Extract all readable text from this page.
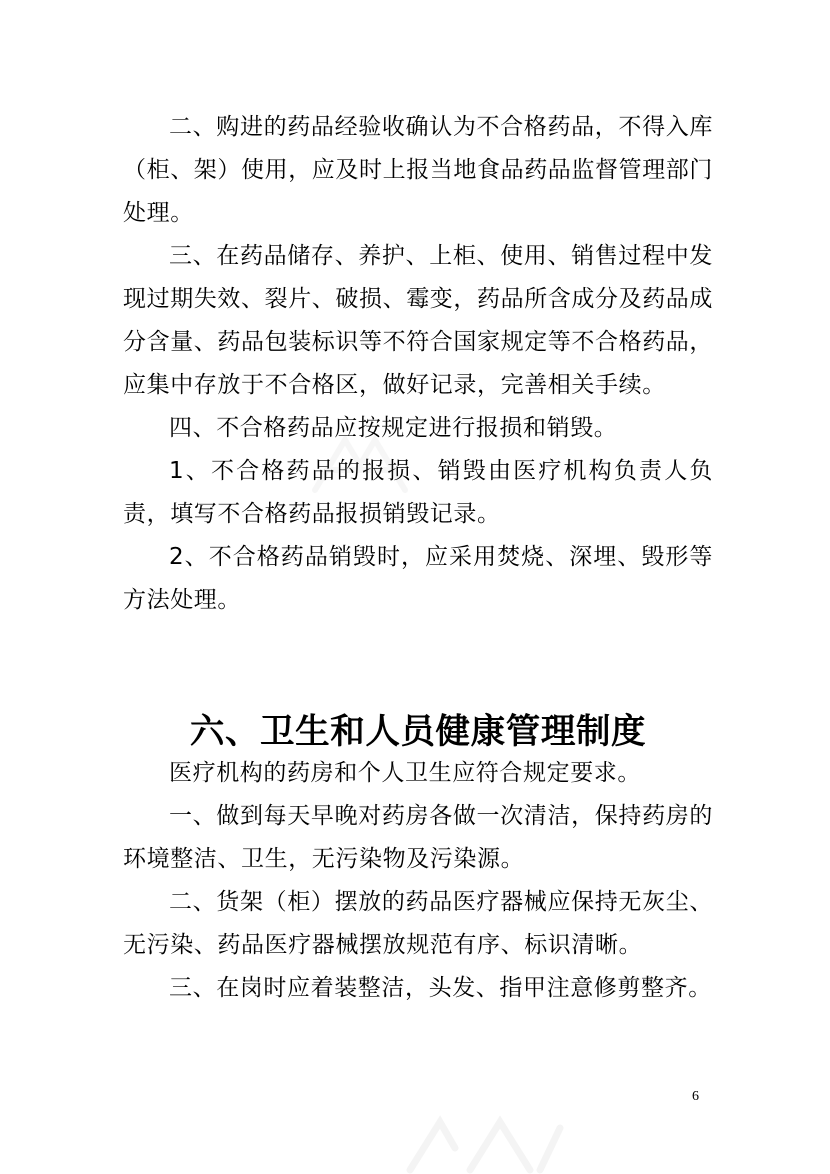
二、购进的药品经验收确认为不合格药品，不得入库（柜、架）使用，应及时上报当地食品药品监督管理部门处理。

三、在药品储存、养护、上柜、使用、销售过程中发现过期失效、裂片、破损、霉变，药品所含成分及药品成分含量、药品包装标识等不符合国家规定等不合格药品，应集中存放于不合格区，做好记录，完善相关手续。

四、不合格药品应按规定进行报损和销毁。

1、不合格药品的报损、销毁由医疗机构负责人负责，填写不合格药品报损销毁记录。

2、不合格药品销毁时，应采用焚烧、深埋、毁形等方法处理。

六、卫生和人员健康管理制度

医疗机构的药房和个人卫生应符合规定要求。

一、做到每天早晚对药房各做一次清洁，保持药房的环境整洁、卫生，无污染物及污染源。

二、货架（柜）摆放的药品医疗器械应保持无灰尘、无污染、药品医疗器械摆放规范有序、标识清晰。

三、在岗时应着装整洁，头发、指甲注意修剪整齐。

6
